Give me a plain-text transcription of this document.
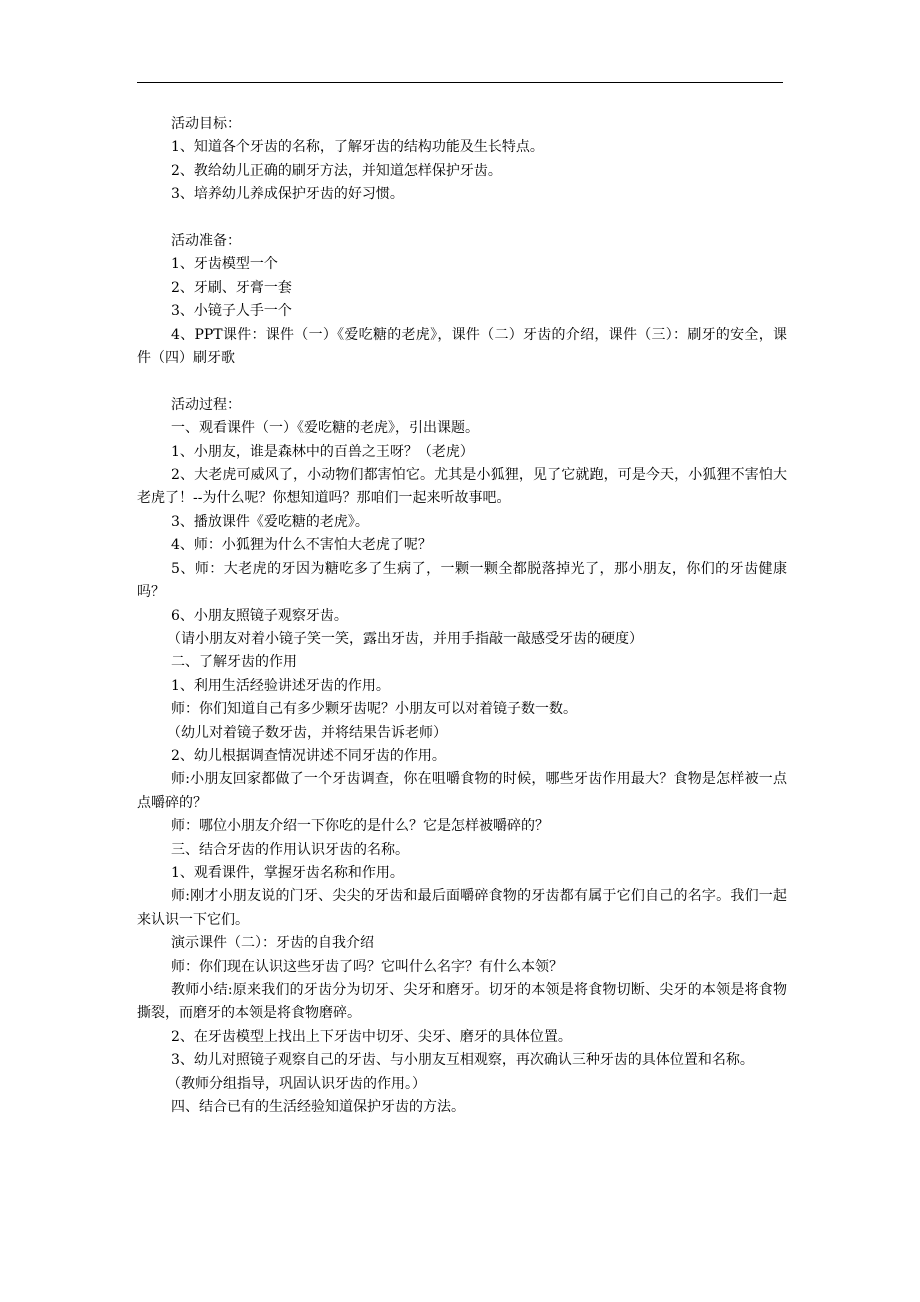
活动目标：

1、知道各个牙齿的名称，了解牙齿的结构功能及生长特点。

2、教给幼儿正确的刷牙方法，并知道怎样保护牙齿。

3、培养幼儿养成保护牙齿的好习惯。

活动准备：

1、牙齿模型一个

2、牙刷、牙膏一套

3、小镜子人手一个

4、PPT课件：课件（一）《爱吃糖的老虎》，课件（二）牙齿的介绍，课件（三）：刷牙的安全，课件（四）刷牙歌

活动过程：

一、观看课件（一）《爱吃糖的老虎》，引出课题。

1、小朋友，谁是森林中的百兽之王呀？（老虎）

2、大老虎可威风了，小动物们都害怕它。尤其是小狐狸，见了它就跑，可是今天，小狐狸不害怕大老虎了！--为什么呢？你想知道吗？那咱们一起来听故事吧。

3、播放课件《爱吃糖的老虎》。

4、师：小狐狸为什么不害怕大老虎了呢？

5、师：大老虎的牙因为糖吃多了生病了，一颗一颗全都脱落掉光了，那小朋友，你们的牙齿健康吗？

6、小朋友照镜子观察牙齿。

（请小朋友对着小镜子笑一笑，露出牙齿，并用手指敲一敲感受牙齿的硬度）

二、了解牙齿的作用

1、利用生活经验讲述牙齿的作用。

师：你们知道自己有多少颗牙齿呢？小朋友可以对着镜子数一数。

（幼儿对着镜子数牙齿，并将结果告诉老师）

2、幼儿根据调查情况讲述不同牙齿的作用。

师:小朋友回家都做了一个牙齿调查，你在咀嚼食物的时候，哪些牙齿作用最大？食物是怎样被一点点嚼碎的？

师：哪位小朋友介绍一下你吃的是什么？它是怎样被嚼碎的？

三、结合牙齿的作用认识牙齿的名称。

1、观看课件，掌握牙齿名称和作用。

师:刚才小朋友说的门牙、尖尖的牙齿和最后面嚼碎食物的牙齿都有属于它们自己的名字。我们一起来认识一下它们。

演示课件（二）：牙齿的自我介绍

师：你们现在认识这些牙齿了吗？它叫什么名字？有什么本领？

教师小结:原来我们的牙齿分为切牙、尖牙和磨牙。切牙的本领是将食物切断、尖牙的本领是将食物撕裂，而磨牙的本领是将食物磨碎。

2、在牙齿模型上找出上下牙齿中切牙、尖牙、磨牙的具体位置。

3、幼儿对照镜子观察自己的牙齿、与小朋友互相观察，再次确认三种牙齿的具体位置和名称。

（教师分组指导，巩固认识牙齿的作用。）

四、结合已有的生活经验知道保护牙齿的方法。
